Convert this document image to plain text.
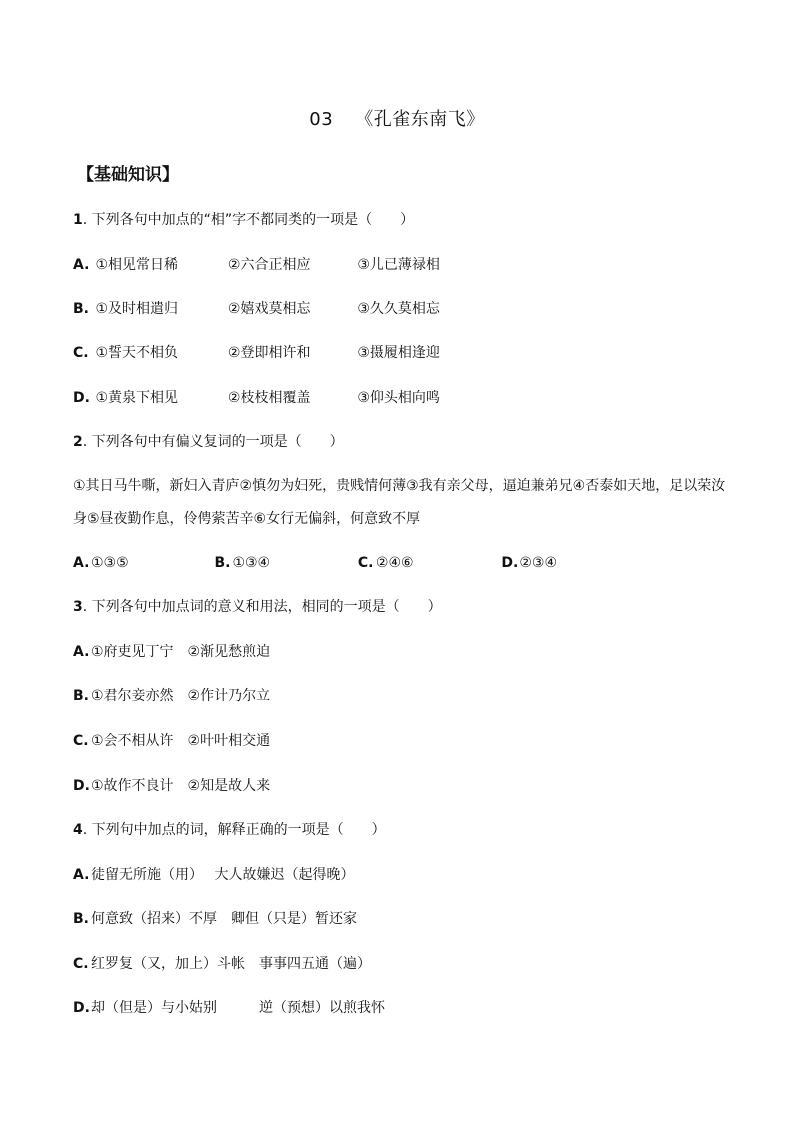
03 《孔雀东南飞》
【基础知识】
1. 下列各句中加点的“相”字不都同类的一项是（　　）
A. ①相见常日稀	②六合正相应	③儿已薄禄相
B. ①及时相遣归	②嬉戏莫相忘	③久久莫相忘
C. ①誓天不相负	②登即相许和	③摄履相逢迎
D. ①黄泉下相见	②枝枝相覆盖	③仰头相向鸣
2. 下列各句中有偏义复词的一项是（　　）
①其日马牛嘶，新妇入青庐②慎勿为妇死，贵贱情何薄③我有亲父母，逼迫兼弟兄④否泰如天地，足以荣汝身⑤昼夜勤作息，伶俜萦苦辛⑥女行无偏斜，何意致不厚
A. ①③⑤	B. ①③④	C. ②④⑥	D.②③④
3. 下列各句中加点词的意义和用法，相同的一项是（　　）
A. ①府吏见丁宁　②渐见愁煎迫
B. ①君尔妾亦然　②作计乃尔立
C. ①会不相从许　②叶叶相交通
D.①故作不良计　②知是故人来
4. 下列句中加点的词，解释正确的一项是（　　）
A. 徒留无所施（用）　 大人故嫌迟（起得晚）
B. 何意致（招来）不厚　卿但（只是）暂还家
C. 红罗复（又，加上）斗帐　事事四五通（遍）
D.却（但是）与小姑别　　　逆（预想）以煎我怀
